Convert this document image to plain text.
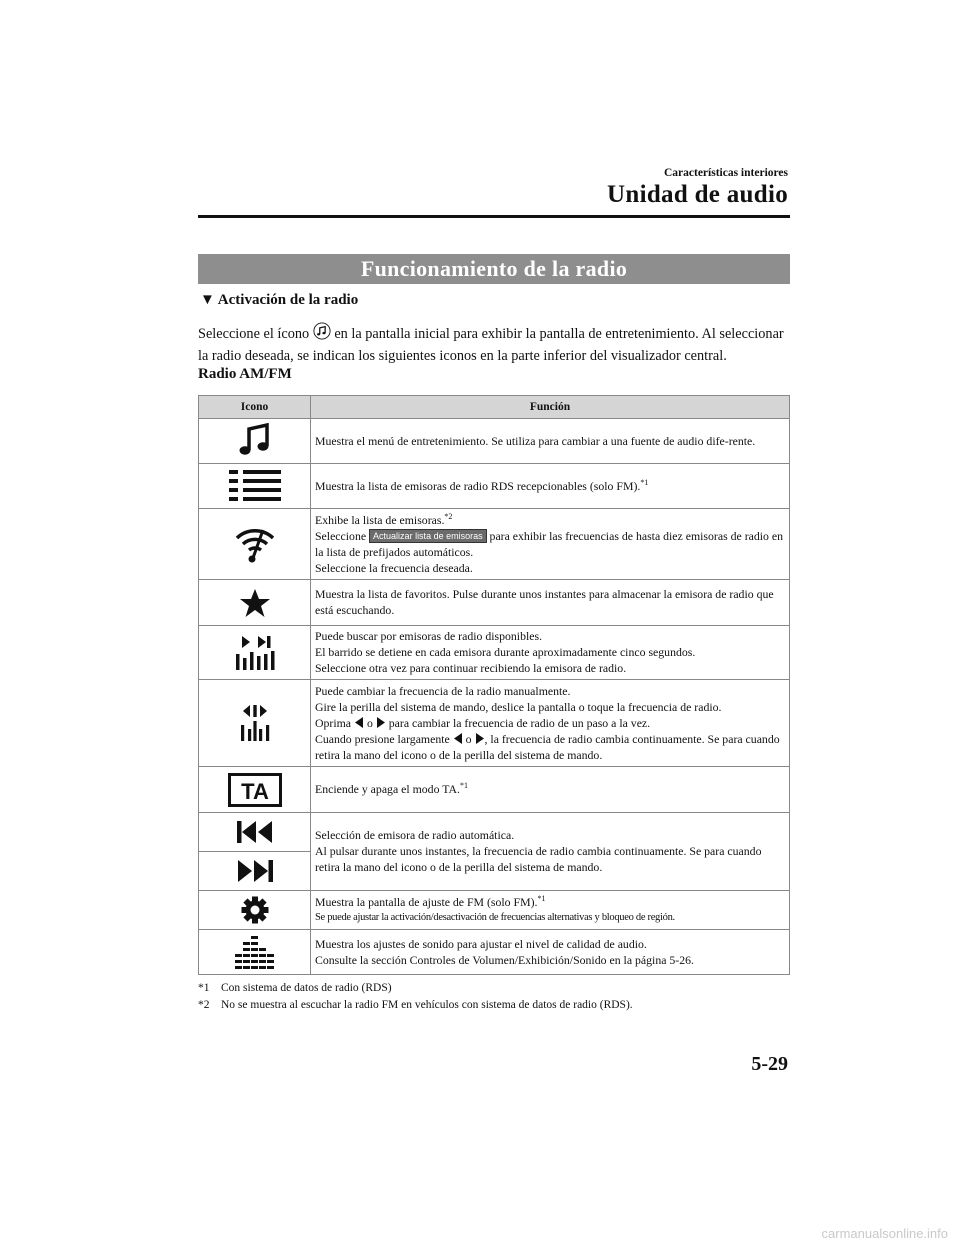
Características interiores
Unidad de audio
Funcionamiento de la radio
▼ Activación de la radio
Seleccione el ícono en la pantalla inicial para exhibir la pantalla de entretenimiento. Al seleccionar la radio deseada, se indican los siguientes iconos en la parte inferior del visualizador central.
Radio AM/FM
Icono	Función

	Muestra el menú de entretenimiento. Se utiliza para cambiar a una fuente de audio dife-rente.

	Muestra la lista de emisoras de radio RDS recepcionables (solo FM).$^{*1}$

Exhibe la lista de emisoras.$^{*2}$
Seleccione Actualizar lista de emisoras para exhibir las frecuencias de hasta diez emisoras de radio en la lista de prefijados automáticos.
Seleccione la frecuencia deseada.

	Muestra la lista de favoritos. Pulse durante unos instantes para almacenar la emisora de radio que está escuchando.

Puede buscar por emisoras de radio disponibles.
El barrido se detiene en cada emisora durante aproximadamente cinco segundos.
Seleccione otra vez para continuar recibiendo la emisora de radio.

Puede cambiar la frecuencia de la radio manualmente.
Gire la perilla del sistema de mando, deslice la pantalla o toque la frecuencia de radio.
Oprima o para cambiar la frecuencia de radio de un paso a la vez.
Cuando presione largamente o , la frecuencia de radio cambia continuamente. Se para cuando retira la mano del icono o de la perilla del sistema de mando.

TA	Enciende y apaga el modo TA.$^{*1}$

Selección de emisora de radio automática.
Al pulsar durante unos instantes, la frecuencia de radio cambia continuamente. Se para cuando retira la mano del icono o de la perilla del sistema de mando.

Muestra la pantalla de ajuste de FM (solo FM).$^{*1}$
Se puede ajustar la activación/desactivación de frecuencias alternativas y bloqueo de región.

Muestra los ajustes de sonido para ajustar el nivel de calidad de audio.
Consulte la sección Controles de Volumen/Exhibición/Sonido en la página 5-26.
*1 Con sistema de datos de radio (RDS)
*2 No se muestra al escuchar la radio FM en vehículos con sistema de datos de radio (RDS).
5-29
carmanualsonline.info
